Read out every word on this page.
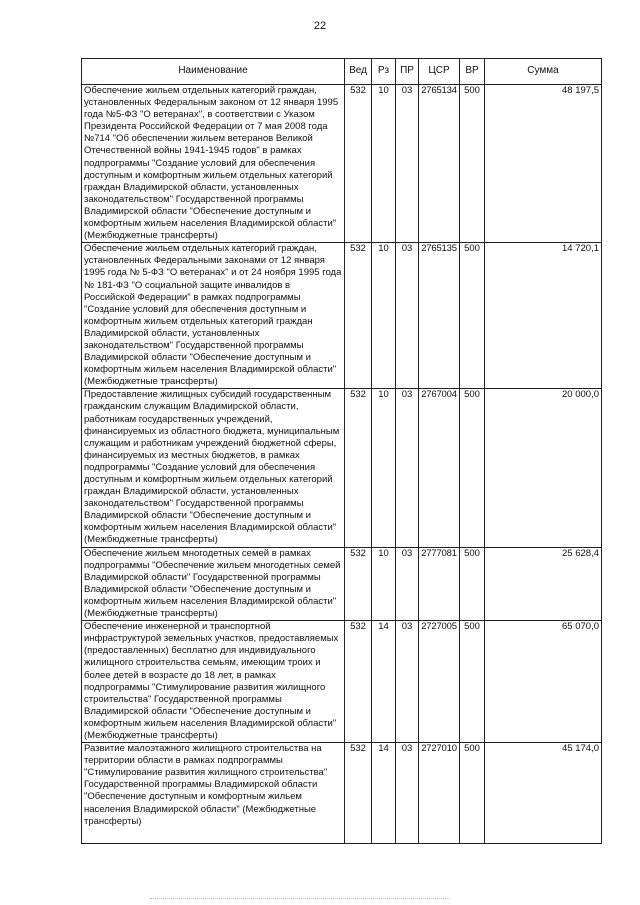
22
Наименование	Вед	Рз	ПР	ЦСР	ВР	Сумма
Обеспечение жильем отдельных категорий граждан, установленных Федеральным законом от 12 января 1995 года №5-ФЗ "О ветеранах", в соответствии с Указом Президента Российской Федерации от 7 мая 2008 года №714 "Об обеспечении жильем ветеранов Великой Отечественной войны 1941-1945 годов" в рамках подпрограммы "Создание условий для обеспечения доступным и комфортным жильем отдельных категорий граждан Владимирской области, установленных законодательством" Государственной программы Владимирской области "Обеспечение доступным и комфортным жильем населения Владимирской области" (Межбюджетные трансферты)	532	10	03	2765134	500	48 197,5
Обеспечение жильем отдельных категорий граждан, установленных Федеральными законами от 12 января 1995 года № 5-ФЗ "О ветеранах" и от 24 ноября 1995 года № 181-ФЗ "О социальной защите инвалидов в Российской Федерации" в рамках подпрограммы "Создание условий для обеспечения доступным и комфортным жильем отдельных категорий граждан Владимирской области, установленных законодательством" Государственной программы Владимирской области "Обеспечение доступным и комфортным жильем населения Владимирской области" (Межбюджетные трансферты)	532	10	03	2765135	500	14 720,1
Предоставление жилищных субсидий государственным гражданским служащим Владимирской области, работникам государственных учреждений, финансируемых из областного бюджета, муниципальным служащим и работникам учреждений бюджетной сферы, финансируемых из местных бюджетов, в рамках подпрограммы "Создание условий для обеспечения доступным и комфортным жильем отдельных категорий граждан Владимирской области, установленных законодательством" Государственной программы Владимирской области "Обеспечение доступным и комфортным жильем населения Владимирской области" (Межбюджетные трансферты)	532	10	03	2767004	500	20 000,0
Обеспечение жильем многодетных семей в рамках подпрограммы "Обеспечение жильем многодетных семей Владимирской области" Государственной программы Владимирской области "Обеспечение доступным и комфортным жильем населения Владимирской области" (Межбюджетные трансферты)	532	10	03	2777081	500	25 628,4
Обеспечение инженерной и транспортной инфраструктурой земельных участков, предоставляемых (предоставленных) бесплатно для индивидуального жилищного строительства семьям, имеющим троих и более детей в возрасте до 18 лет, в рамках подпрограммы "Стимулирование развития жилищного строительства" Государственной программы Владимирской области "Обеспечение доступным и комфортным жильем населения Владимирской области" (Межбюджетные трансферты)	532	14	03	2727005	500	65 070,0
Развитие малоэтажного жилищного строительства на территории области в рамках подпрограммы "Стимулирование развития жилищного строительства" Государственной программы Владимирской области "Обеспечение доступным и комфортным жильем населения Владимирской области" (Межбюджетные трансферты)	532	14	03	2727010	500	45 174,0
